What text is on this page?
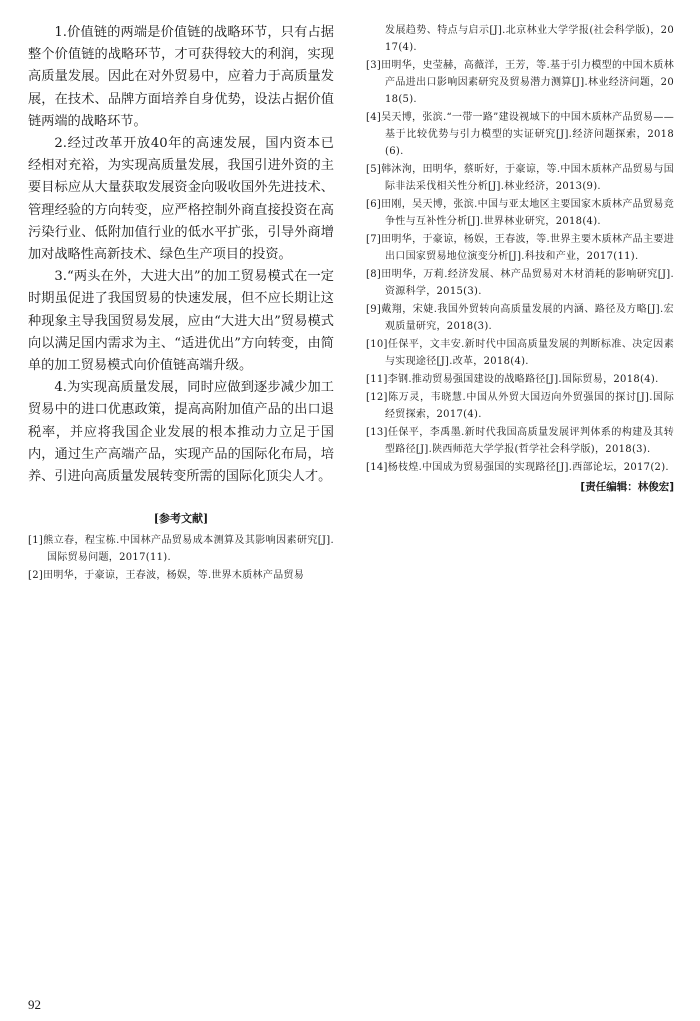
1.价值链的两端是价值链的战略环节，只有占据整个价值链的战略环节，才可获得较大的利润，实现高质量发展。因此在对外贸易中，应着力于高质量发展，在技术、品牌方面培养自身优势，设法占据价值链两端的战略环节。

2.经过改革开放40年的高速发展，国内资本已经相对充裕，为实现高质量发展，我国引进外资的主要目标应从大量获取发展资金向吸收国外先进技术、管理经验的方向转变，应严格控制外商直接投资在高污染行业、低附加值行业的低水平扩张，引导外商增加对战略性高新技术、绿色生产项目的投资。

3.“两头在外，大进大出”的加工贸易模式在一定时期虽促进了我国贸易的快速发展，但不应长期让这种现象主导我国贸易发展，应由“大进大出”贸易模式向以满足国内需求为主、“适进优出”方向转变，由简单的加工贸易模式向价值链高端升级。

4.为实现高质量发展，同时应做到逐步减少加工贸易中的进口优惠政策，提高高附加值产品的出口退税率，并应将我国企业发展的根本推动力立足于国内，通过生产高端产品，实现产品的国际化布局，培养、引进向高质量发展转变所需的国际化顶尖人才。

[参考文献]

[1]熊立春，程宝栋.中国林产品贸易成本测算及其影响因素研究[J].国际贸易问题，2017(11).

[2]田明华，于豪谅，王春波，杨娱，等.世界木质林产品贸易

发展趋势、特点与启示[J].北京林业大学学报(社会科学版)，2017(4).

[3]田明华，史莹赫，高薇洋，王芳，等.基于引力模型的中国木质林产品进出口影响因素研究及贸易潜力测算[J].林业经济问题，2018(5).

[4]吴天博，张滨.“一带一路”建设视域下的中国木质林产品贸易——基于比较优势与引力模型的实证研究[J].经济问题探索，2018(6).

[5]韩沐洵，田明华，蔡昕好，于豪谅，等.中国木质林产品贸易与国际非法采伐相关性分析[J].林业经济，2013(9).

[6]田刚，吴天博，张滨.中国与亚太地区主要国家木质林产品贸易竞争性与互补性分析[J].世界林业研究，2018(4).

[7]田明华，于豪谅，杨娱，王春波，等.世界主要木质林产品主要进出口国家贸易地位演变分析[J].科技和产业，2017(11).

[8]田明华，万莉.经济发展、林产品贸易对木材消耗的影响研究[J].资源科学，2015(3).

[9]戴翔，宋婕.我国外贸转向高质量发展的内涵、路径及方略[J].宏观质量研究，2018(3).

[10]任保平，文丰安.新时代中国高质量发展的判断标准、决定因素与实现途径[J].改革，2018(4).

[11]李钢.推动贸易强国建设的战略路径[J].国际贸易，2018(4).

[12]陈万灵，韦晓慧.中国从外贸大国迈向外贸强国的探讨[J].国际经贸探索，2017(4).

[13]任保平，李禹墨.新时代我国高质量发展评判体系的构建及其转型路径[J].陕西师范大学学报(哲学社会科学版)，2018(3).

[14]杨枝煌.中国成为贸易强国的实现路径[J].西部论坛，2017(2).

[责任编辑：林俊宏]
92
